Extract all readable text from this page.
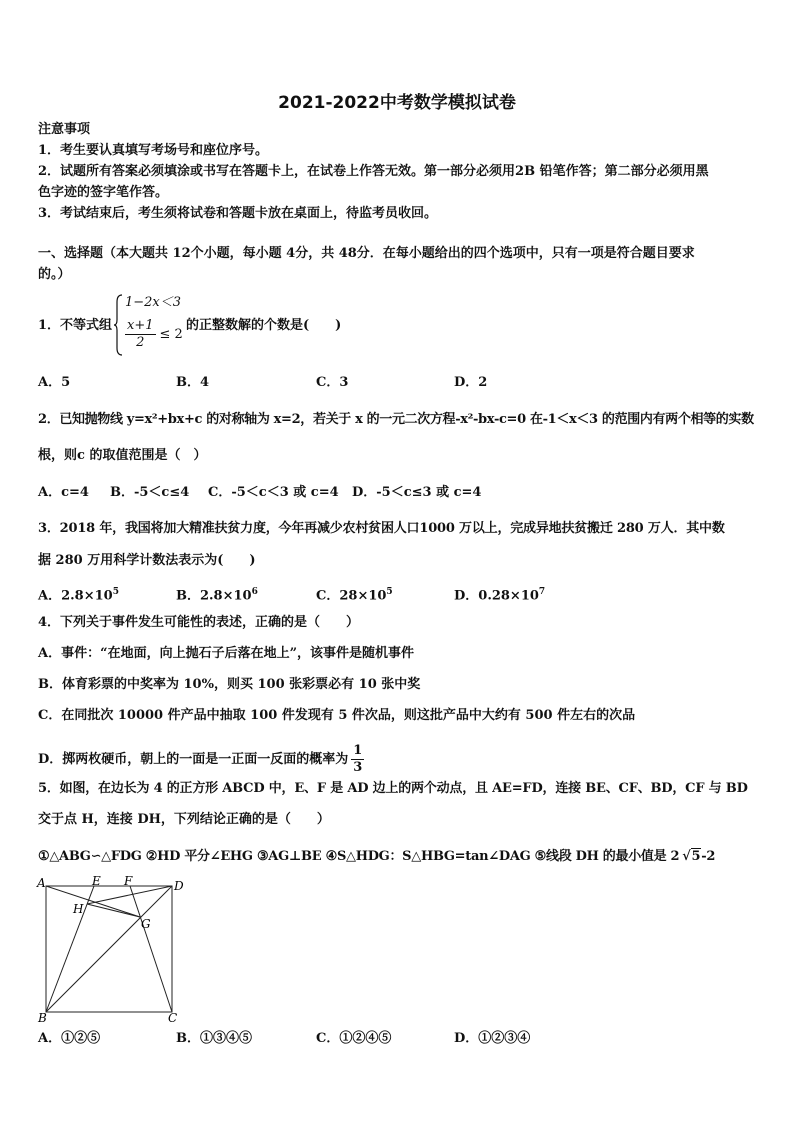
2021-2022中考数学模拟试卷
注意事项
1．考生要认真填写考场号和座位序号。
2．试题所有答案必须填涂或书写在答题卡上，在试卷上作答无效。第一部分必须用2B 铅笔作答；第二部分必须用黑
色字迹的签字笔作答。
3．考试结束后，考生须将试卷和答题卡放在桌面上，待监考员收回。
一、选择题（本大题共 12个小题，每小题 4分，共 48分．在每小题给出的四个选项中，只有一项是符合题目要求
的。）
1．不等式组
1−2x＜3
$\frac{x+1}{2} \le 2$
的正整数解的个数是(　　)
A．5	B．4	C．3	D．2
2．已知抛物线 y=x²+bx+c 的对称轴为 x=2，若关于 x 的一元二次方程-x²-bx-c=0 在-1＜x＜3 的范围内有两个相等的实数
根，则c 的取值范围是（　）
A．c=4 B．-5＜c≤4 C．-5＜c＜3 或 c=4 D．-5＜c≤3 或 c=4
3．2018 年，我国将加大精准扶贫力度，今年再减少农村贫困人口1000 万以上，完成异地扶贫搬迁 280 万人．其中数
据 280 万用科学计数法表示为(　　)
A．$2.8\times 10^5$	B．$2.8\times 10^6$	C．$28\times 10^5$	D．$0.28\times 10^7$
4．下列关于事件发生可能性的表述，正确的是（　　）
A．事件：“在地面，向上抛石子后落在地上”，该事件是随机事件
B．体育彩票的中奖率为 10%，则买 100 张彩票必有 10 张中奖
C．在同批次 10000 件产品中抽取 100 件发现有 5 件次品，则这批产品中大约有 500 件左右的次品
D．掷两枚硬币，朝上的一面是一正面一反面的概率为 $\frac{1}{3}$
5．如图，在边长为 4 的正方形 ABCD 中，E、F 是 AD 边上的两个动点，且 AE=FD，连接 BE、CF、BD，CF 与 BD
交于点 H，连接 DH，下列结论正确的是（　　）
①△ABG∽△FDG ②HD 平分∠EHG ③AG⊥BE ④S△HDG：S△HBG=tan∠DAG ⑤线段 DH 的最小值是 2 √ 5 -2
A	E F	D
H
G
B	C
A．①②⑤	B．①③④⑤	C．①②④⑤	D．①②③④
